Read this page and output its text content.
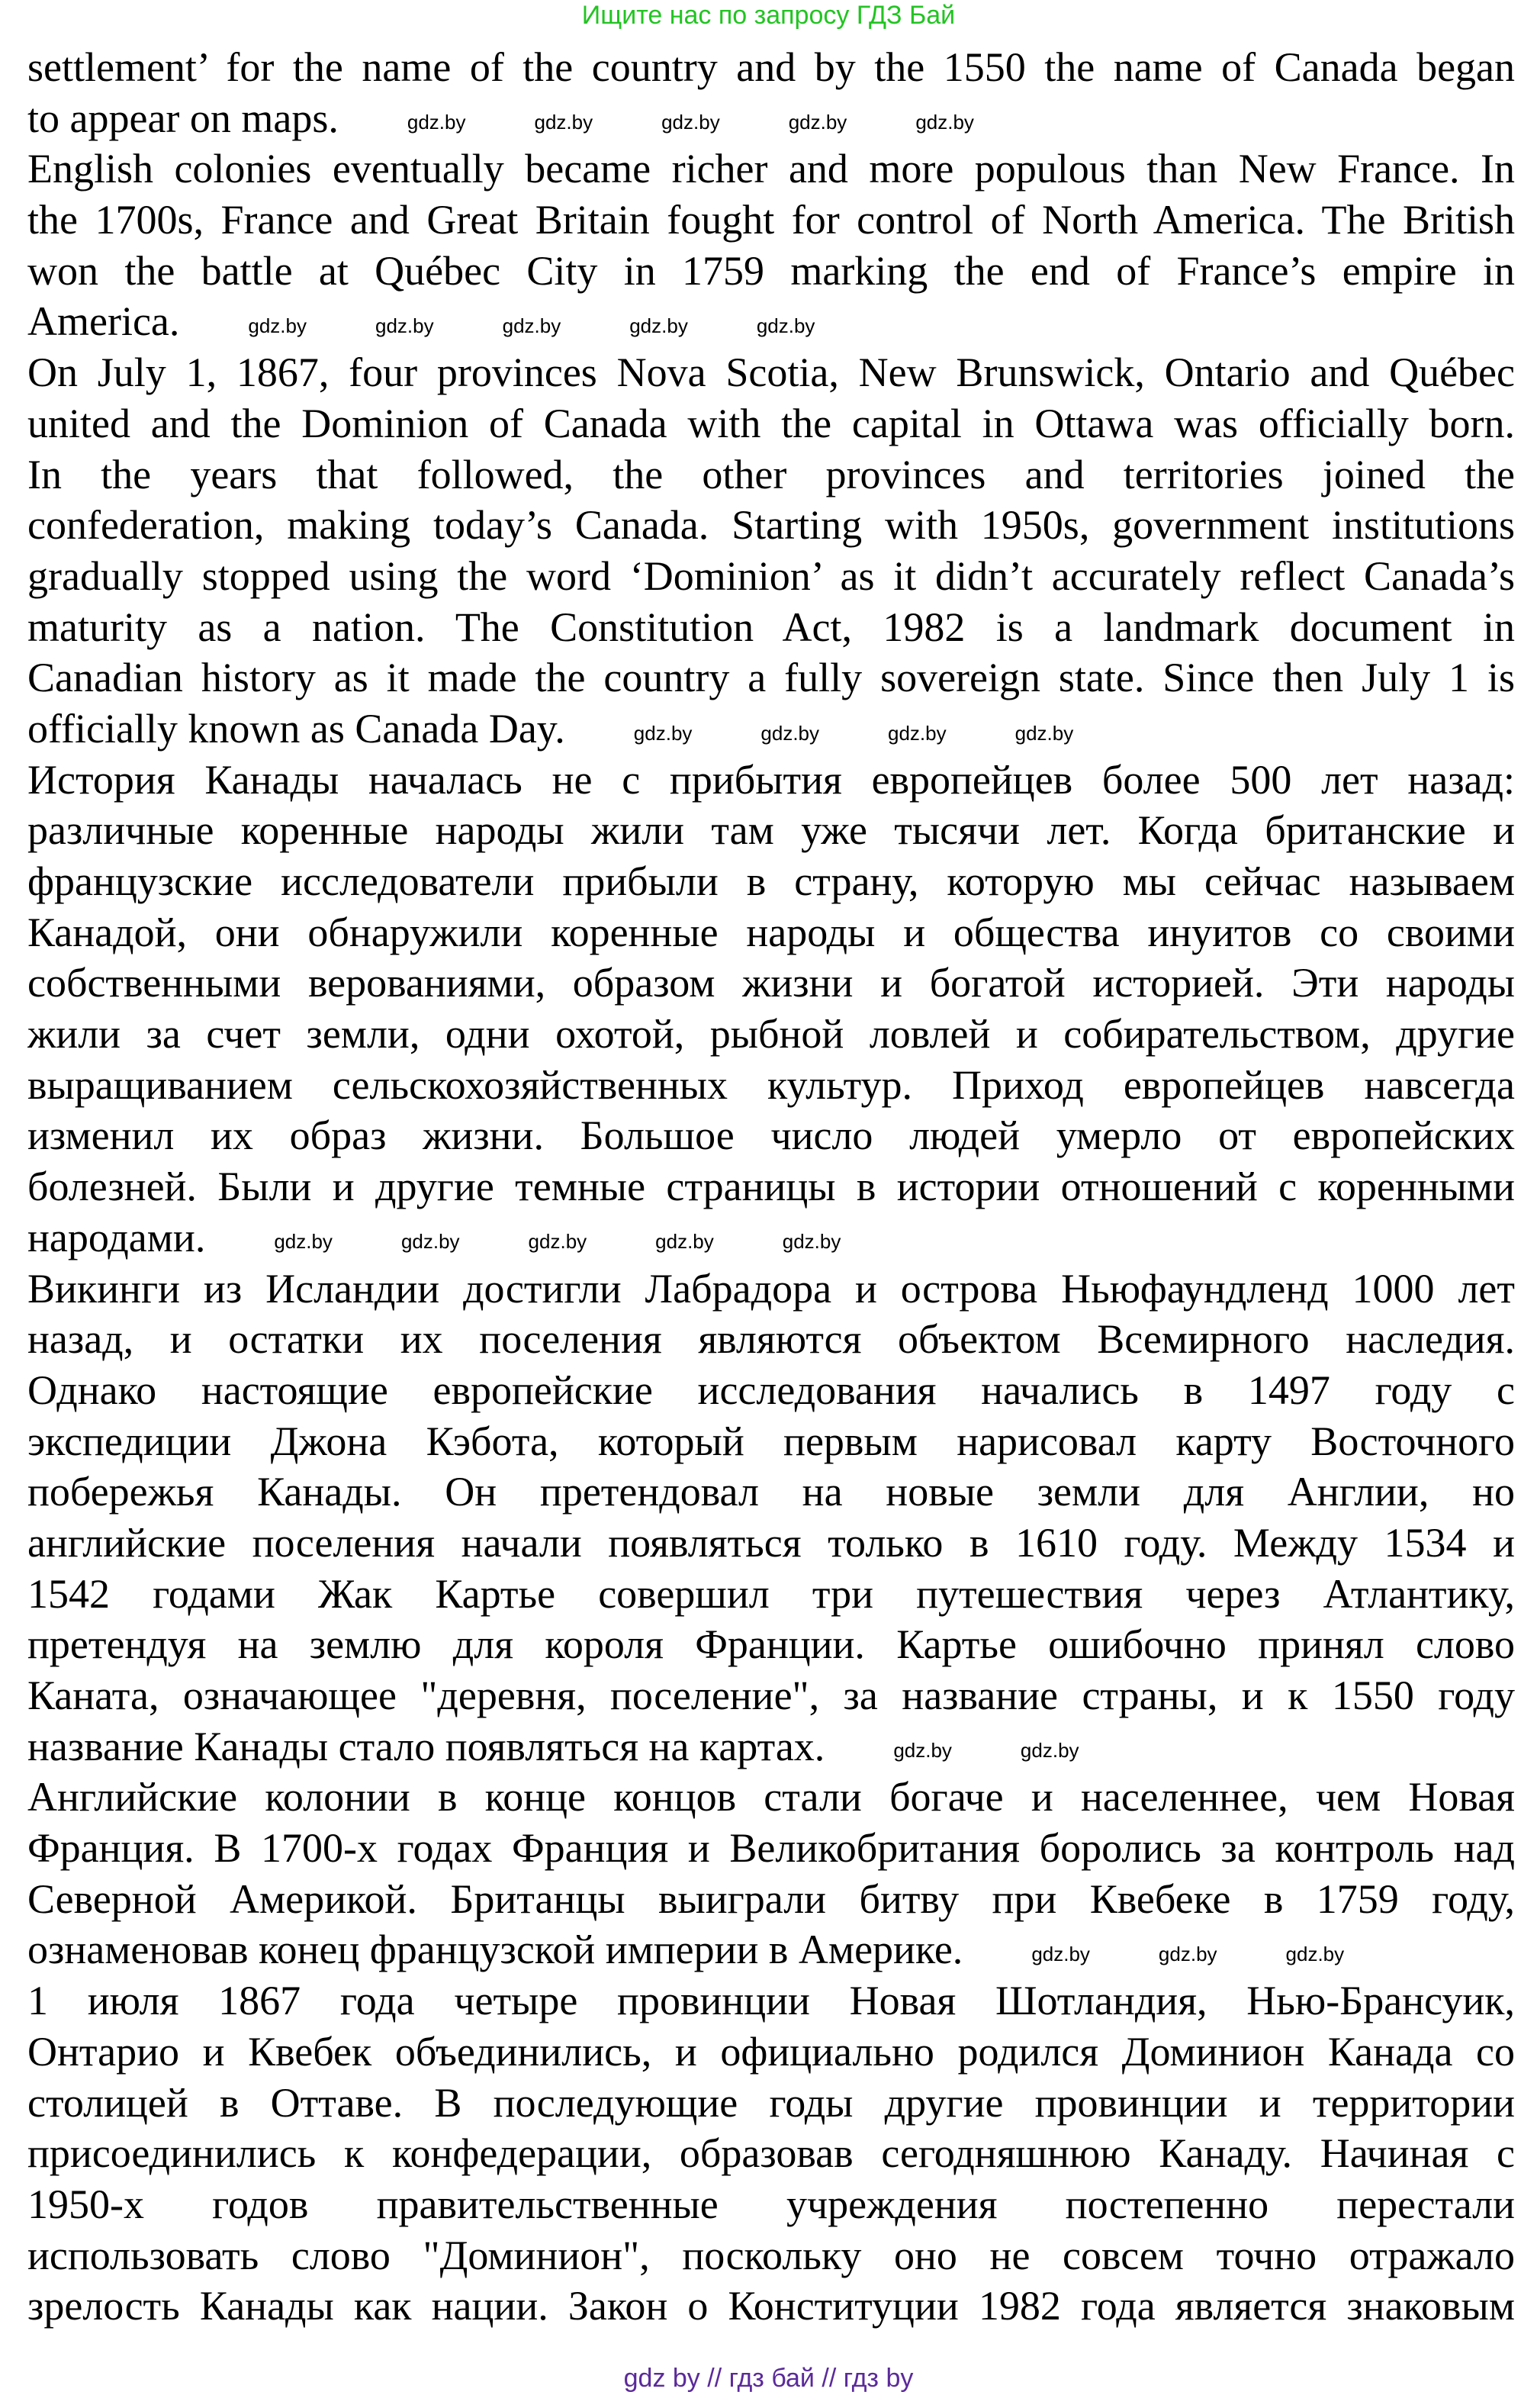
Ищите нас по запросу ГДЗ Бай
settlement’ for the name of the country and by the 1550 the name of Canada began
to appear on maps.	gdz.by	gdz.by	gdz.by	gdz.by	gdz.by
English colonies eventually became richer and more populous than New France. In
the 1700s, France and Great Britain fought for control of North America. The British
won the battle at Québec City in 1759 marking the end of France’s empire in
America.	gdz.by	gdz.by	gdz.by	gdz.by	gdz.by
On July 1, 1867, four provinces Nova Scotia, New Brunswick, Ontario and Québec
united and the Dominion of Canada with the capital in Ottawa was officially born.
In the years that followed, the other provinces and territories joined the
confederation, making today’s Canada. Starting with 1950s, government institutions
gradually stopped using the word ‘Dominion’ as it didn’t accurately reflect Canada’s
maturity as a nation. The Constitution Act, 1982 is a landmark document in
Canadian history as it made the country a fully sovereign state. Since then July 1 is
officially known as Canada Day.	gdz.by	gdz.by	gdz.by	gdz.by
История Канады началась не с прибытия европейцев более 500 лет назад:
различные коренные народы жили там уже тысячи лет. Когда британские и
французские исследователи прибыли в страну, которую мы сейчас называем
Канадой, они обнаружили коренные народы и общества инуитов со своими
собственными верованиями, образом жизни и богатой историей. Эти народы
жили за счет земли, одни охотой, рыбной ловлей и собирательством, другие
выращиванием сельскохозяйственных культур. Приход европейцев навсегда
изменил их образ жизни. Большое число людей умерло от европейских
болезней. Были и другие темные страницы в истории отношений с коренными
народами.	gdz.by	gdz.by	gdz.by	gdz.by	gdz.by
Викинги из Исландии достигли Лабрадора и острова Ньюфаундленд 1000 лет
назад, и остатки их поселения являются объектом Всемирного наследия.
Однако настоящие европейские исследования начались в 1497 году с
экспедиции Джона Кэбота, который первым нарисовал карту Восточного
побережья Канады. Он претендовал на новые земли для Англии, но
английские поселения начали появляться только в 1610 году. Между 1534 и
1542 годами Жак Картье совершил три путешествия через Атлантику,
претендуя на землю для короля Франции. Картье ошибочно принял слово
Каната, означающее "деревня, поселение", за название страны, и к 1550 году
название Канады стало появляться на картах.	gdz.by	gdz.by
Английские колонии в конце концов стали богаче и населеннее, чем Новая
Франция. В 1700-х годах Франция и Великобритания боролись за контроль над
Северной Америкой. Британцы выиграли битву при Квебеке в 1759 году,
ознаменовав конец французской империи в Америке.	gdz.by	gdz.by	gdz.by
1 июля 1867 года четыре провинции Новая Шотландия, Нью-Брансуик,
Онтарио и Квебек объединились, и официально родился Доминион Канада со
столицей в Оттаве. В последующие годы другие провинции и территории
присоединились к конфедерации, образовав сегодняшнюю Канаду. Начиная с
1950-х годов правительственные учреждения постепенно перестали
использовать слово "Доминион", поскольку оно не совсем точно отражало
зрелость Канады как нации. Закон о Конституции 1982 года является знаковым
gdz by // гдз бай // гдз by
